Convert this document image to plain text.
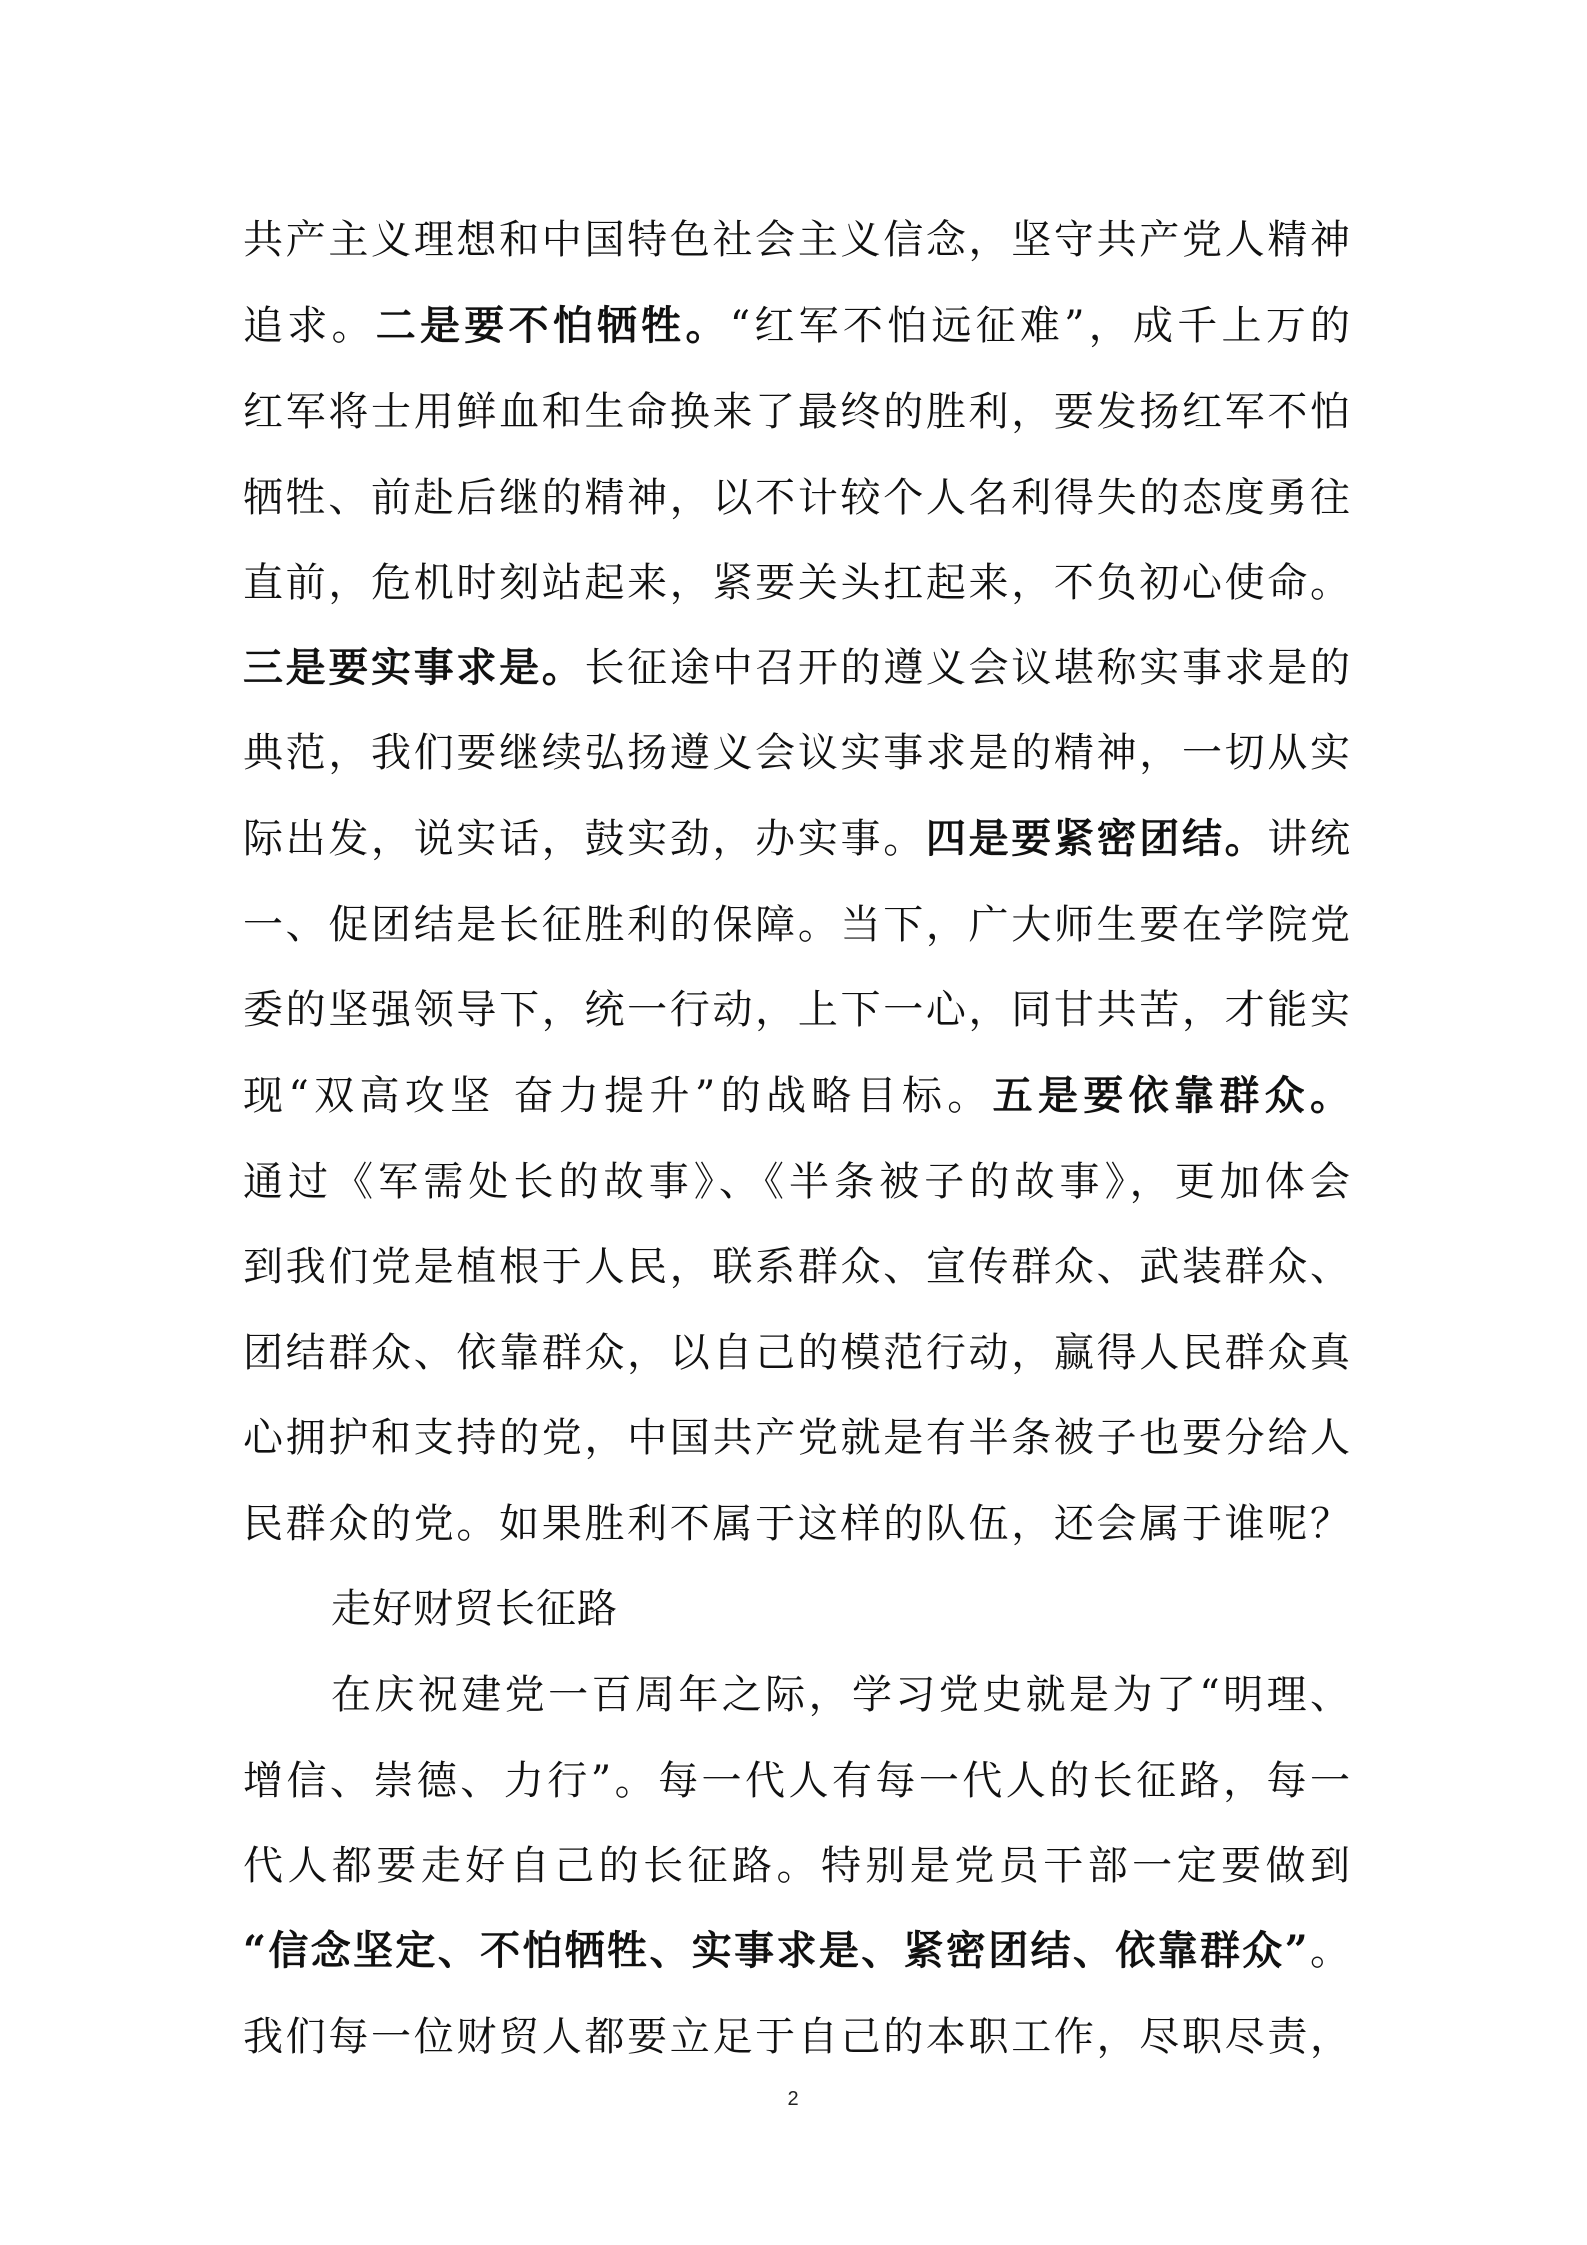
共产主义理想和中国特色社会主义信念，坚守共产党人精神
追求。二是要不怕牺牲。“红军不怕远征难”，成千上万的
红军将士用鲜血和生命换来了最终的胜利，要发扬红军不怕
牺牲、前赴后继的精神，以不计较个人名利得失的态度勇往
直前，危机时刻站起来，紧要关头扛起来，不负初心使命。
三是要实事求是。长征途中召开的遵义会议堪称实事求是的
典范，我们要继续弘扬遵义会议实事求是的精神，一切从实
际出发，说实话，鼓实劲，办实事。四是要紧密团结。讲统
一、促团结是长征胜利的保障。当下，广大师生要在学院党
委的坚强领导下，统一行动，上下一心，同甘共苦，才能实
现“双高攻坚 奋力提升”的战略目标。五是要依靠群众。
通过《军需处长的故事》、《半条被子的故事》，更加体会
到我们党是植根于人民，联系群众、宣传群众、武装群众、
团结群众、依靠群众，以自己的模范行动，赢得人民群众真
心拥护和支持的党，中国共产党就是有半条被子也要分给人
民群众的党。如果胜利不属于这样的队伍，还会属于谁呢？
走好财贸长征路
在庆祝建党一百周年之际，学习党史就是为了“明理、
增信、崇德、力行”。每一代人有每一代人的长征路，每一
代人都要走好自己的长征路。特别是党员干部一定要做到
“信念坚定、不怕牺牲、实事求是、紧密团结、依靠群众”。
我们每一位财贸人都要立足于自己的本职工作，尽职尽责，
2
